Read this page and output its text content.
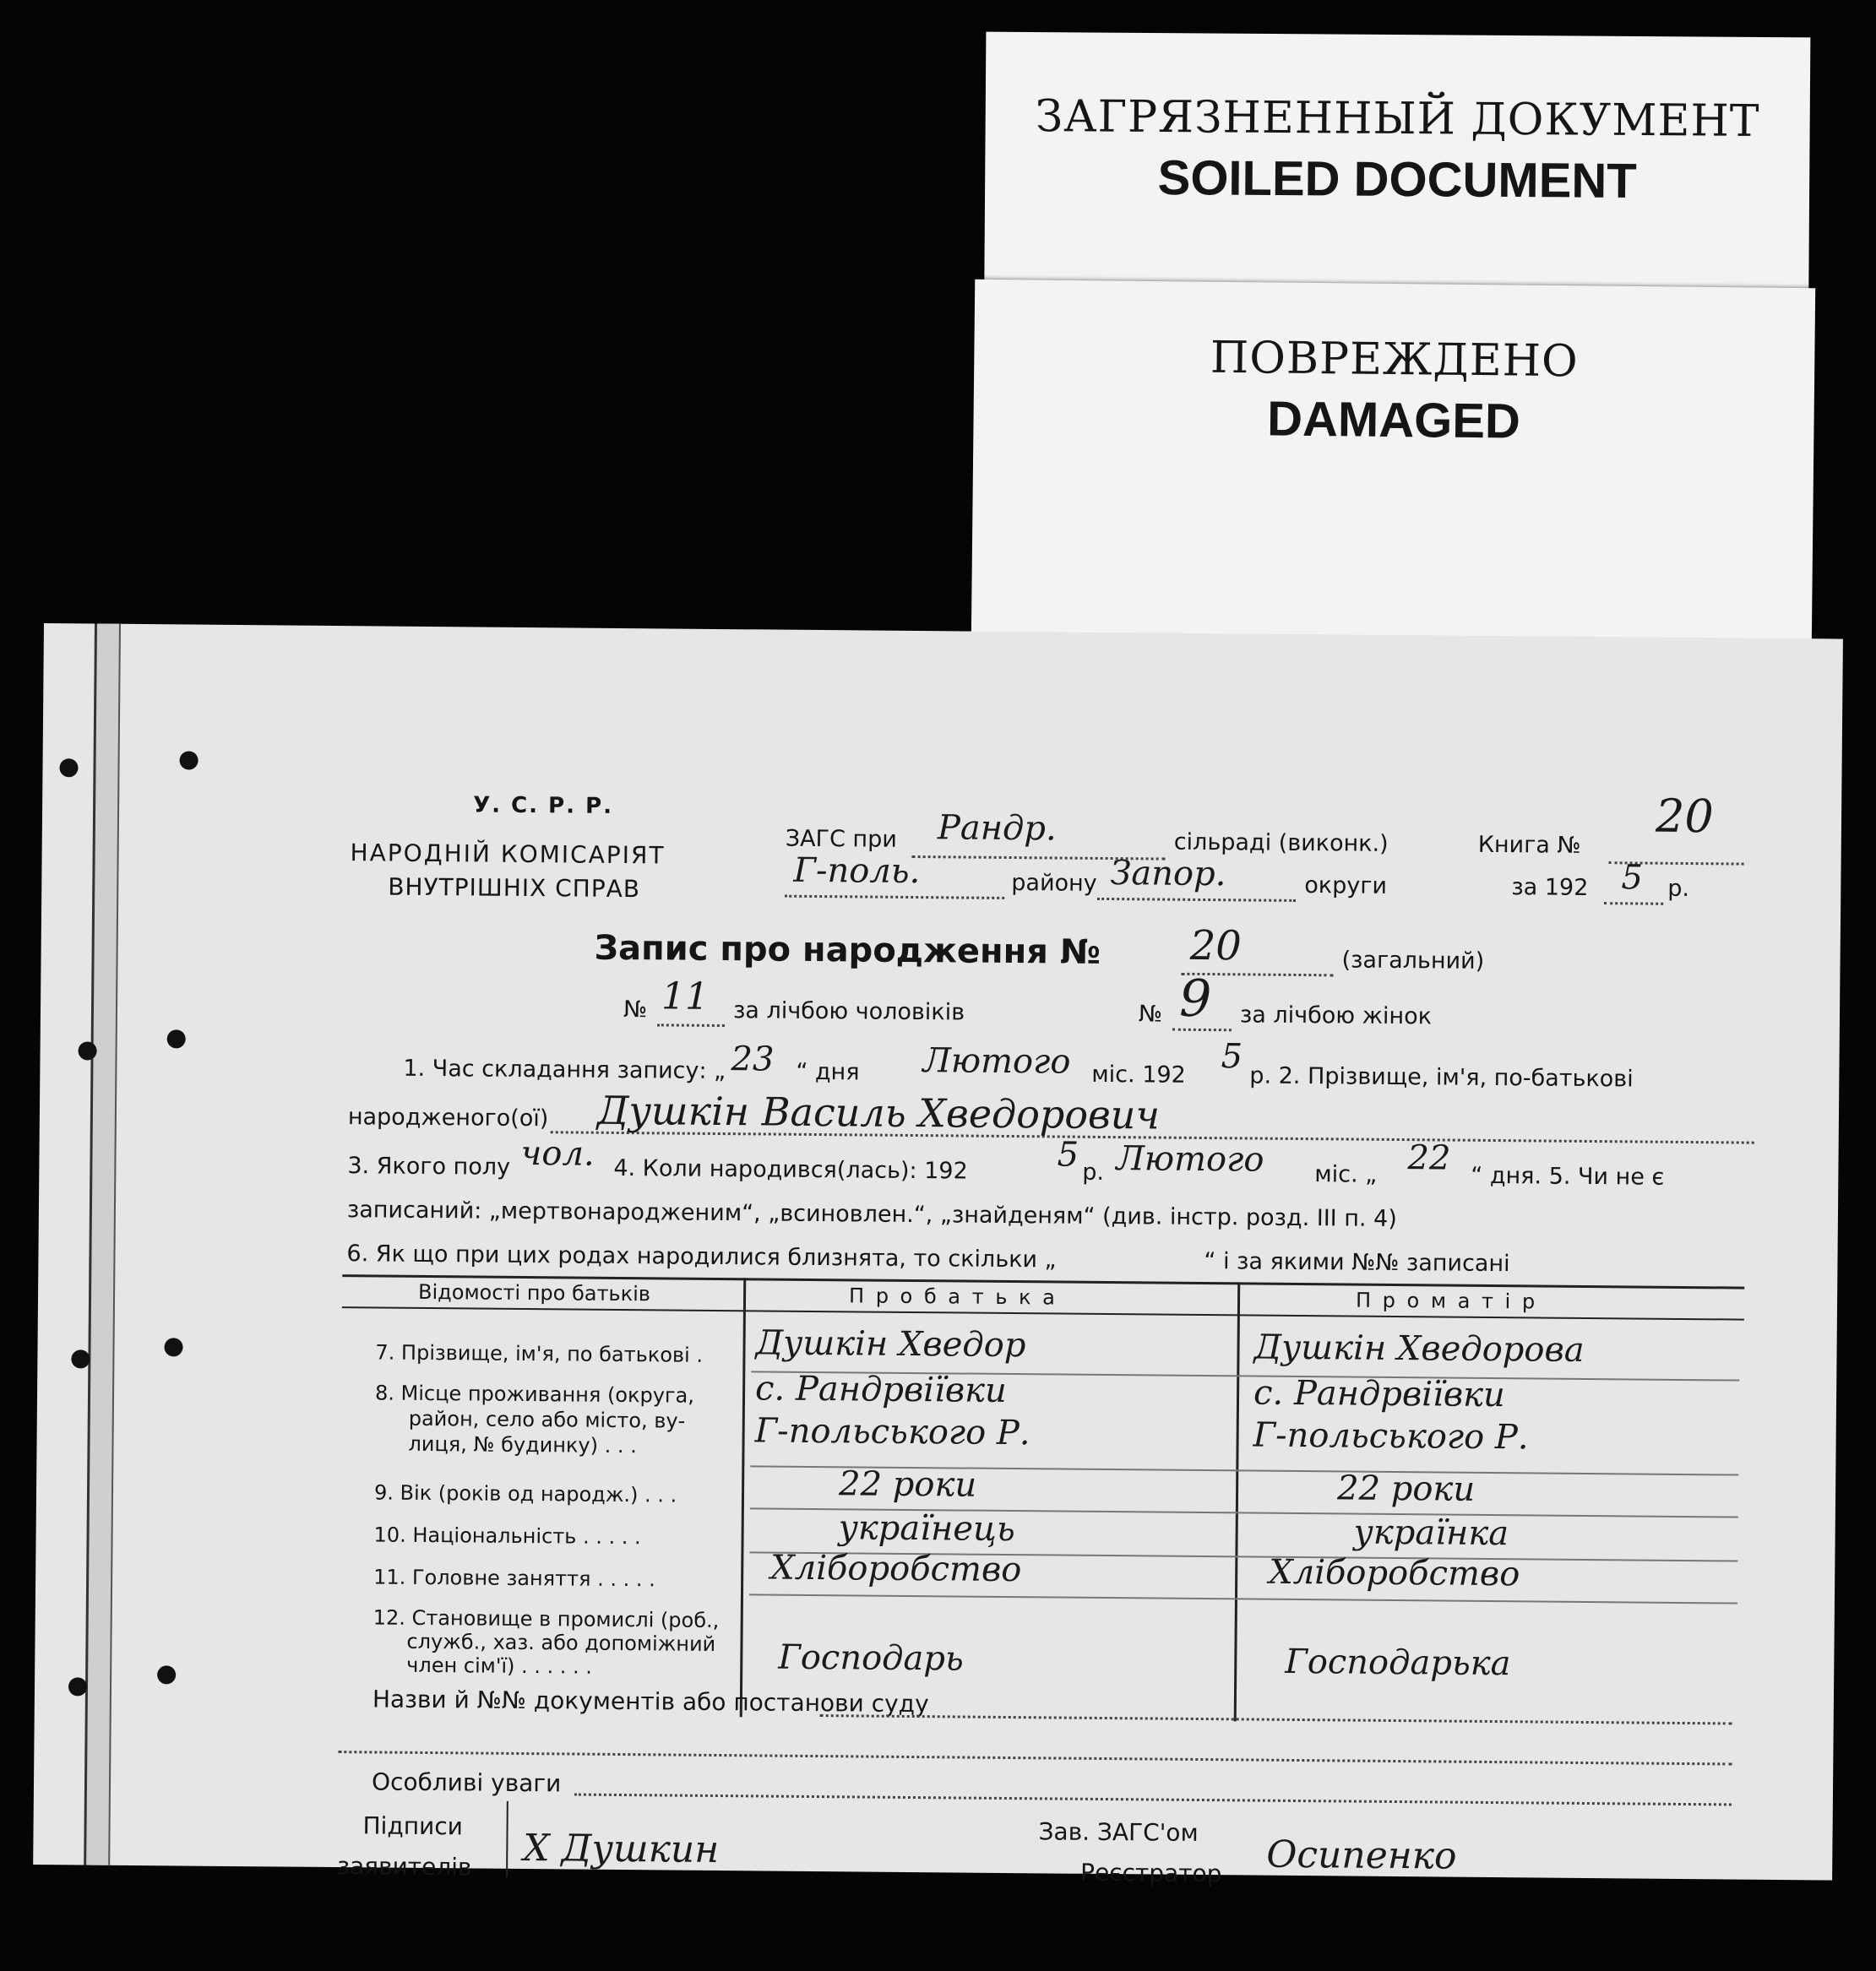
ЗАГРЯЗНЕННЫЙ ДОКУМЕНТ
SOILED DOCUMENT
ПОВРЕЖДЕНО
DAMAGED
У. С. Р. Р.
НАРОДНІЙ КОМІСАРІЯТ
ВНУТРІШНІХ СПРАВ
ЗАГС при Рандр.	сільраді (виконк.)	Книга №
20
Г-поль.	району Запор.	округи	за 192 5 р.
Запис про народження № 20	(загальний)
№ 11 за лічбою чоловіків	№ 9 за лічбою жінок
1. Час складання запису: „ 23 “ дня Лютого міс. 192 5
р. 2. Прізвище, ім'я, по-батькові
народженого(ої) Душкін Василь Хведорович
3. Якого полу чол. 4. Коли народився(лась): 192	5 р. Лютого міс. „ 22 “ дня. 5. Чи не є
записаний: „мертвонародженим“, „всиновлен.“, „знайденям“ (див. інстр. розд. III п. 4)
6. Як що при цих родах народилися близнята, то скільки „	“ і за якими №№ записані
Відомості про батьків	П р о б а т ь к а	П р о м а т і р
7. Прізвище, ім'я, по батькові . Душкін Хведор	Душкін Хведорова
8. Місце проживання (округа, с. Рандрвіївки	с. Рандрвіївки
район, село або місто, ву-
лиця, № будинку) . . .	Г-польського Р.	Г-польського Р.
9. Вік (років од народж.) . . .	22 роки	22 роки
10. Національність . . . . .	українець	українка
11. Головне заняття . . . . .	Хліборобство	Хліборобство
12. Становище в промислі (роб.,
служб., хаз. або допоміжний
член сім'ї) . . . . . .	Господарь	Господарька
Назви й №№ документів або постанови суду
Особливі уваги
Підписи
заявителів Х Душкин	Зав. ЗАГС'ом
Реєстратор Осипенко
